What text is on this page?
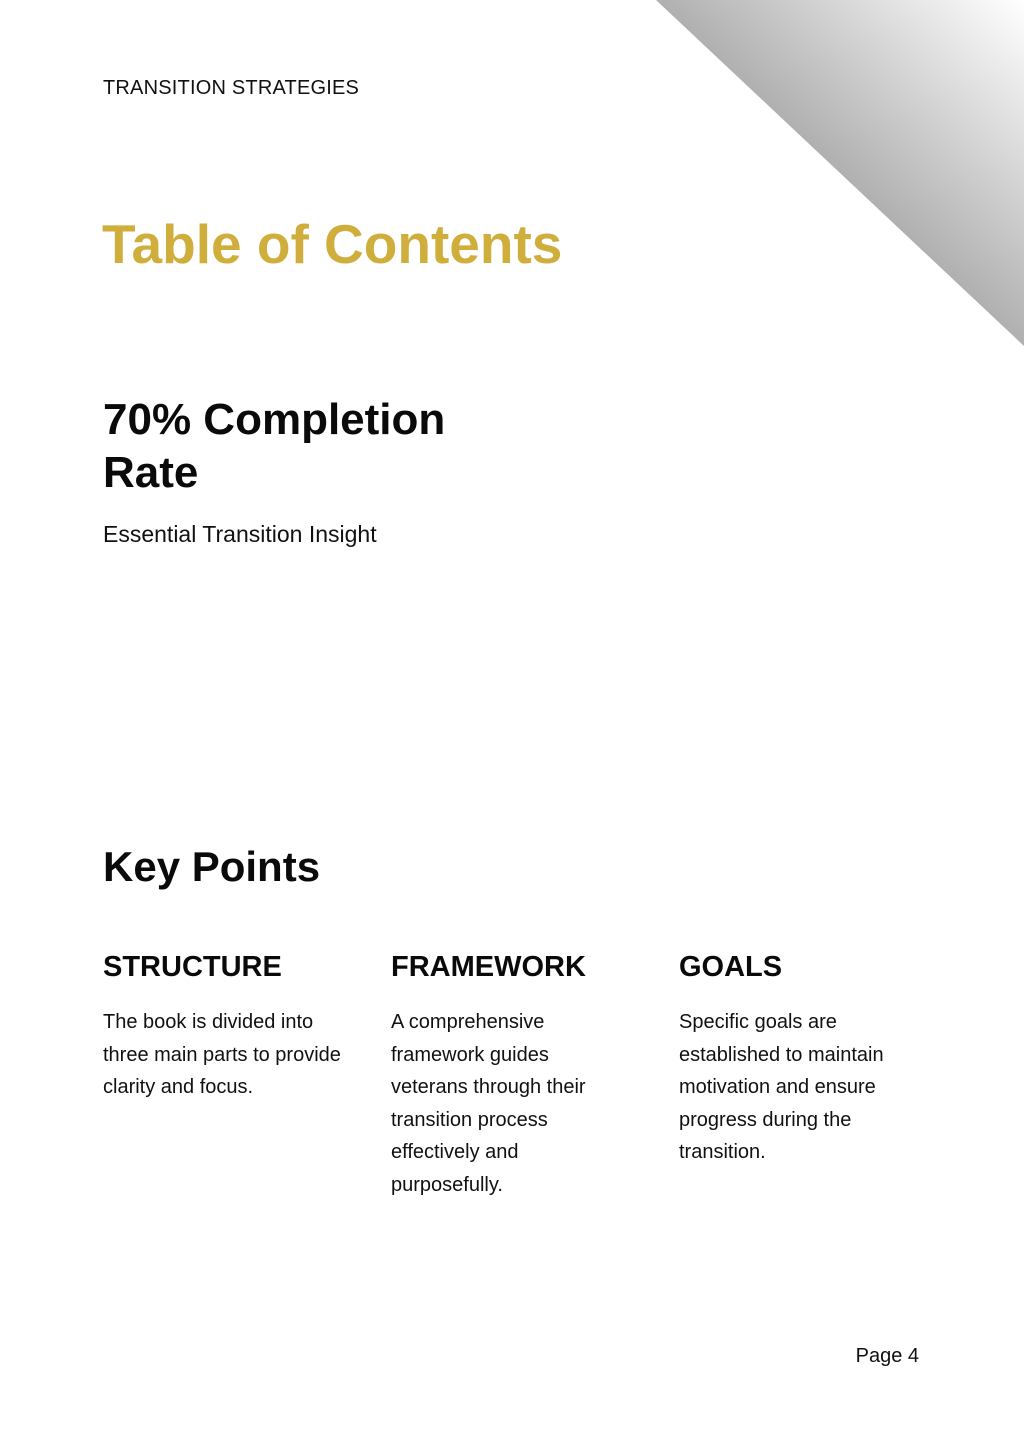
TRANSITION STRATEGIES
Table of Contents
70% Completion Rate
Essential Transition Insight
Key Points
STRUCTURE

The book is divided into three main parts to provide clarity and focus.

FRAMEWORK

A comprehensive framework guides veterans through their transition process effectively and purposefully.

GOALS

Specific goals are established to maintain motivation and ensure progress during the transition.

Page 4
